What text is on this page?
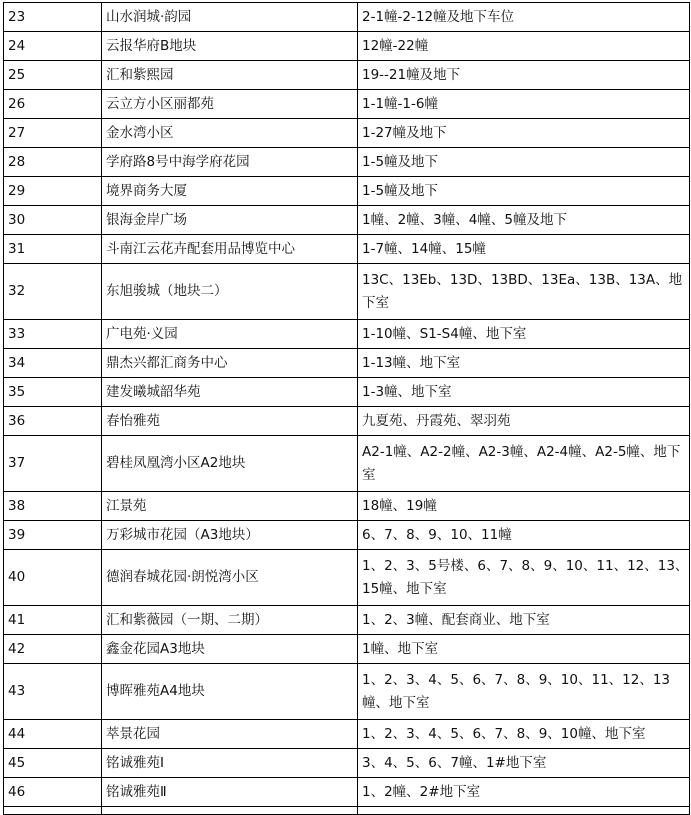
23	山水润城·韵园	2-1幢-2-12幢及地下车位
24	云报华府B地块	12幢-22幢
25	汇和紫熙园	19--21幢及地下
26	云立方小区丽都苑	1-1幢-1-6幢
27	金水湾小区	1-27幢及地下
28	学府路8号中海学府花园	1-5幢及地下
29	境界商务大厦	1-5幢及地下
30	银海金岸广场	1幢、2幢、3幢、4幢、5幢及地下
31	斗南江云花卉配套用品博览中心	1-7幢、14幢、15幢
32	东旭骏城（地块二）	13C、13Eb、13D、13BD、13Ea、13B、13A、地下室
33	广电苑·义园	1-10幢、S1-S4幢、地下室
34	鼎杰兴都汇商务中心	1-13幢、地下室
35	建发曦城韶华苑	1-3幢、地下室
36	春怡雅苑	九夏苑、丹霞苑、翠羽苑
37	碧桂凤凰湾小区A2地块	A2-1幢、A2-2幢、A2-3幢、A2-4幢、A2-5幢、地下室
38	江景苑	18幢、19幢
39	万彩城市花园（A3地块）	6、7、8、9、10、11幢
40	德润春城花园·朗悦湾小区	1、2、3、5号楼、6、7、8、9、10、11、12、13、15幢、地下室
41	汇和紫薇园（一期、二期）	1、2、3幢、配套商业、地下室
42	鑫金花园A3地块	1幢、地下室
43	博晖雅苑A4地块	1、2、3、4、5、6、7、8、9、10、11、12、13幢、地下室
44	萃景花园	1、2、3、4、5、6、7、8、9、10幢、地下室
45	铭诚雅苑Ⅰ	3、4、5、6、7幢、1#地下室
46	铭诚雅苑Ⅱ	1、2幢、2#地下室
